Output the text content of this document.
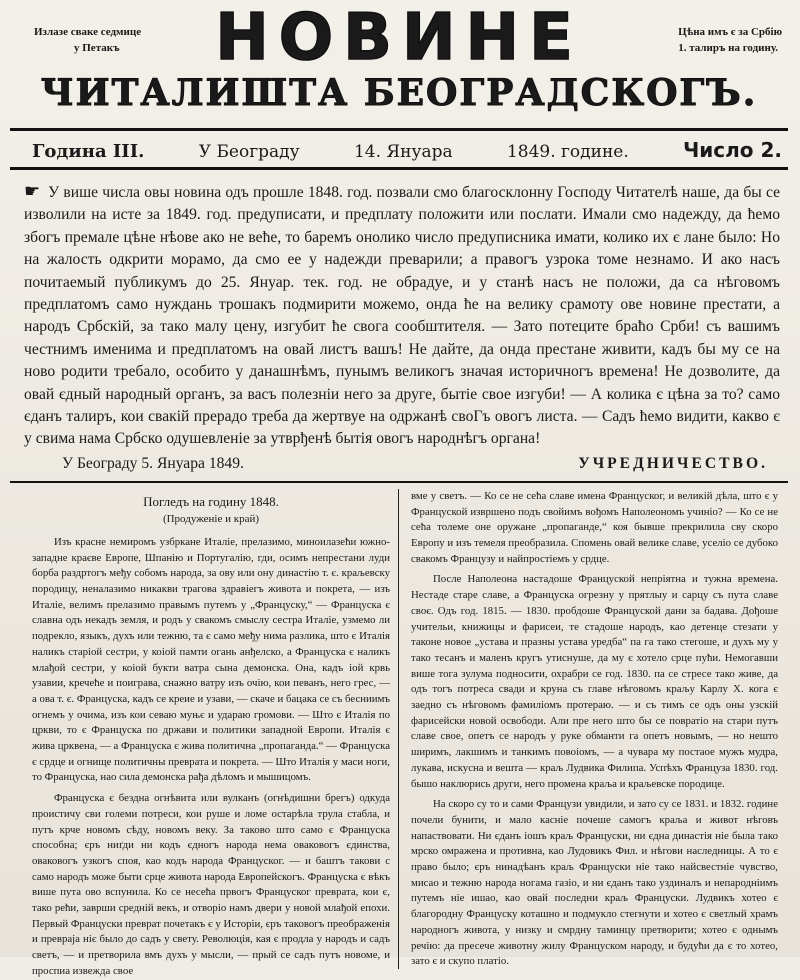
Излазе сваке седмице
у Петакъ	НОВИНЕ
ЧИТАЛИШТА БЕОГРАДСКОГЪ.
Цѣна имъ є за Србію
1. талиръ на годину.
Година III.	У Београду	14. Януара	1849. године.	Число 2.

☛ У више числа овы новина одъ прошле 1848. год. позвали смо благосклонну Господу Читателѣ наше, да бы се изволили на исте за 1849. год. предуписати, и предплату положити или послати. Имали смо надежду, да ћемо збогъ премале цѣне нѣове ако не веће, то баремъ онолико число предуписника имати, колико их є лане было: Но на жалость одкрити морамо, да смо ее у надежди преварили; а правогъ узрока томе незнамо. И ако насъ почитаемый публикумъ до 25. Януар. тек. год. не обрадуе, и у станѣ насъ не положи, да са нѣговомъ предплатомъ само нуждань трошакъ подмирити можемо, онда ће на велику срамоту ове новине престати, а народъ Србскій, за тако малу цену, изгубит ће свога сообштителя. — Зато потеците браћо Срби! съ вашимъ честнимъ именима и предплатомъ на овай листъ вашъ! Не дайте, да онда престане живити, кадъ бы му се на ново родити требало, особито у данашнѣмъ, пунымъ великогъ значая историчногъ времена! Не дозволите, да овай єдный народный органъ, за васъ полезніи него за друге, бытіе свое изгуби! — А колика є цѣна за то? само єданъ талиръ, кои свакій прерадо треба да жертвуе на одржанѣ своГъ овогъ листа. — Садъ ћемо видити, какво є у свима нама Србско одушевленіе за утврђенѣ бытія овогъ народнѣгъ органа!

У Београду 5. Януара 1849.	УЧРЕДНИЧЕСТВО.
Погледъ на годину 1848.
(Продуженіе и край)

Изъ красне немиромъ узбркане Италіе, прелазимо, миноилазећи южно-западне краєве Европе, Шпанію и Португалію, гди, осимъ непрестани луди борба раздртогъ међу собомъ народа, за ову или ону династію т. є. краљевску породицу, неналазимо никакви трагова здравіегъ живота и покрета, — изъ Италіе, велимъ прелазимо правымъ путемъ у „Француску,“ — Француска є славна одъ некадъ земля, и родъ у свакомъ смыслу сестра Италіе, узмемо ли подрекло, языкъ, духъ или тежню, та є само међу нима разлика, што є Италія наликъ старіой сестри, у коіой памти огань анђелско, а Француска є наликъ млађой сестри, у коіой букти ватра сына демонска. Она, кадъ іой крвь узавии, кречеће и поиграва, снажно ватру изъ очію, кои певанъ, него грес, — а ова т. є. Француска, кадъ се креие и узави, — скаче и бацака се съ бесниимъ огнемъ у очима, изъ кои севаю муњє и удараю громови. — Што є Италія по цркви, то є Француска по држави и политики западной Европи. Италія є жива црквена, — а Француска є жива политична „пропаганда.“ — Француска є срдце и огнище политичны преврата и покрета. — Што Италія у маси ноги, то Француска, нао сила демонска рађа дѣломъ и мышицомъ.

Француска є бездна огнѣвита или вулканъ (огнѣдишни брегъ) одкуда проистичу сви големи потреси, кои руше и ломе остарѣла трула стабла, и путъ крче новомъ сѣду, новомъ веку. За таково што само є Француска способна; єръ ниґди ни кодъ єдногъ народа нема оваковогъ єдинства, оваковогъ узкогъ споя, као кодъ народа Француског. — и баштъ такови с само народъ може быти срце живота народа Европейскогъ. Француска є вѣкъ више пута ово вспунила. Ко се несећа првогъ Француског преврата, кои є, тако рећи, заврши средній векъ, и отворіо намъ двери у новой млађой епохи. Первый Француски преврат почетакъ є у Исторіи, єръ таковогъ преображенія и превраја ніє было до садъ у свету. Революція, кая є продла у народъ и садъ светъ, — и претворила вмъ духъ у мысли, — прый се садъ путъ новоме, и проспиа извежда свое

вме у светъ. — Ко се не сећа славе имена Француског, и великій дѣла, што є у Француской извршено подъ свойимъ вођомъ Наполеономъ учиніо? — Ко се не сећа толеме оне оружане „пропаганде,“ коя бывше прекрилила сву скоро Европу и изъ темеля преобразила. Спомень овай великe славе, уселіо се дубоко свакомъ Французу и найпростіемъ у срдце.

После Наполеона настадоше Француской непріятна и тужна времена. Нестаде старе славе, а Француска огрезну у прятлыу и сарцу съ пута славе своє. Одъ год. 1815. — 1830. пробдоше Француской дани за бадава. Дођоше учительи, книжицы и фарисеи, те стадоше народъ, као детенце стезати у таконе новое „устава и празны устава уредба“ па га тако стегоше, и духъ му у тако тесанъ и маленъ кругъ утиснуше, да му є хотело срце пући. Немогавши више тога зулума подносити, охрабри се год. 1830. па се стресе тако живе, да одъ тогъ потреса свади и круна съ главе нѣговомъ краљу Карлу X. кога є заедно съ нѣговомъ фамиліомъ протераю. — и съ тимъ се одъ оны узскій фарисейски новой освободи. Али пре него што бы се повратіо на стари путъ славе свое, опетъ се народъ у руке обманти га опетъ новымъ, — но нешто ширимъ, лакшимъ и танкимъ повоіомъ, — а чувара му постаое мужъ мудра, лукава, искусна и вешта — краљ Лудвика Филипа. Успѣхъ Француза 1830. год. бышо наклюрись други, него промена краља и краљевске породице.

На скоро су то и сами Французи увидили, и зато су се 1831. и 1832. године почели бунити, и мало касніе почеше самогъ краља и живот нѣговъ напаствовати. Ни єданъ іошъ краљ Француски, ни єдна династія ніе была тако мрско омражена и противна, као Лудовикъ Фил. и нѣгови наследницы. А то є право было; єръ нинадѣанъ краљ Француски ніе тако найсвестніе чувство, мисао и тежню народа ногама газіо, и ни єданъ тако уздиналъ и непародніимъ путемъ ніе ишао, као овай последни краљ Француски. Лудвикъ хотео є благородну Француску коташно и подмукло стегнути и хотео є светлый храмъ народногъ живота, у низку и смрдну таминцу претворити; хотео є однымъ речію: да пресече животну жилу Француском народу, и будући да є то хотео, зато є и скупо платіо.
